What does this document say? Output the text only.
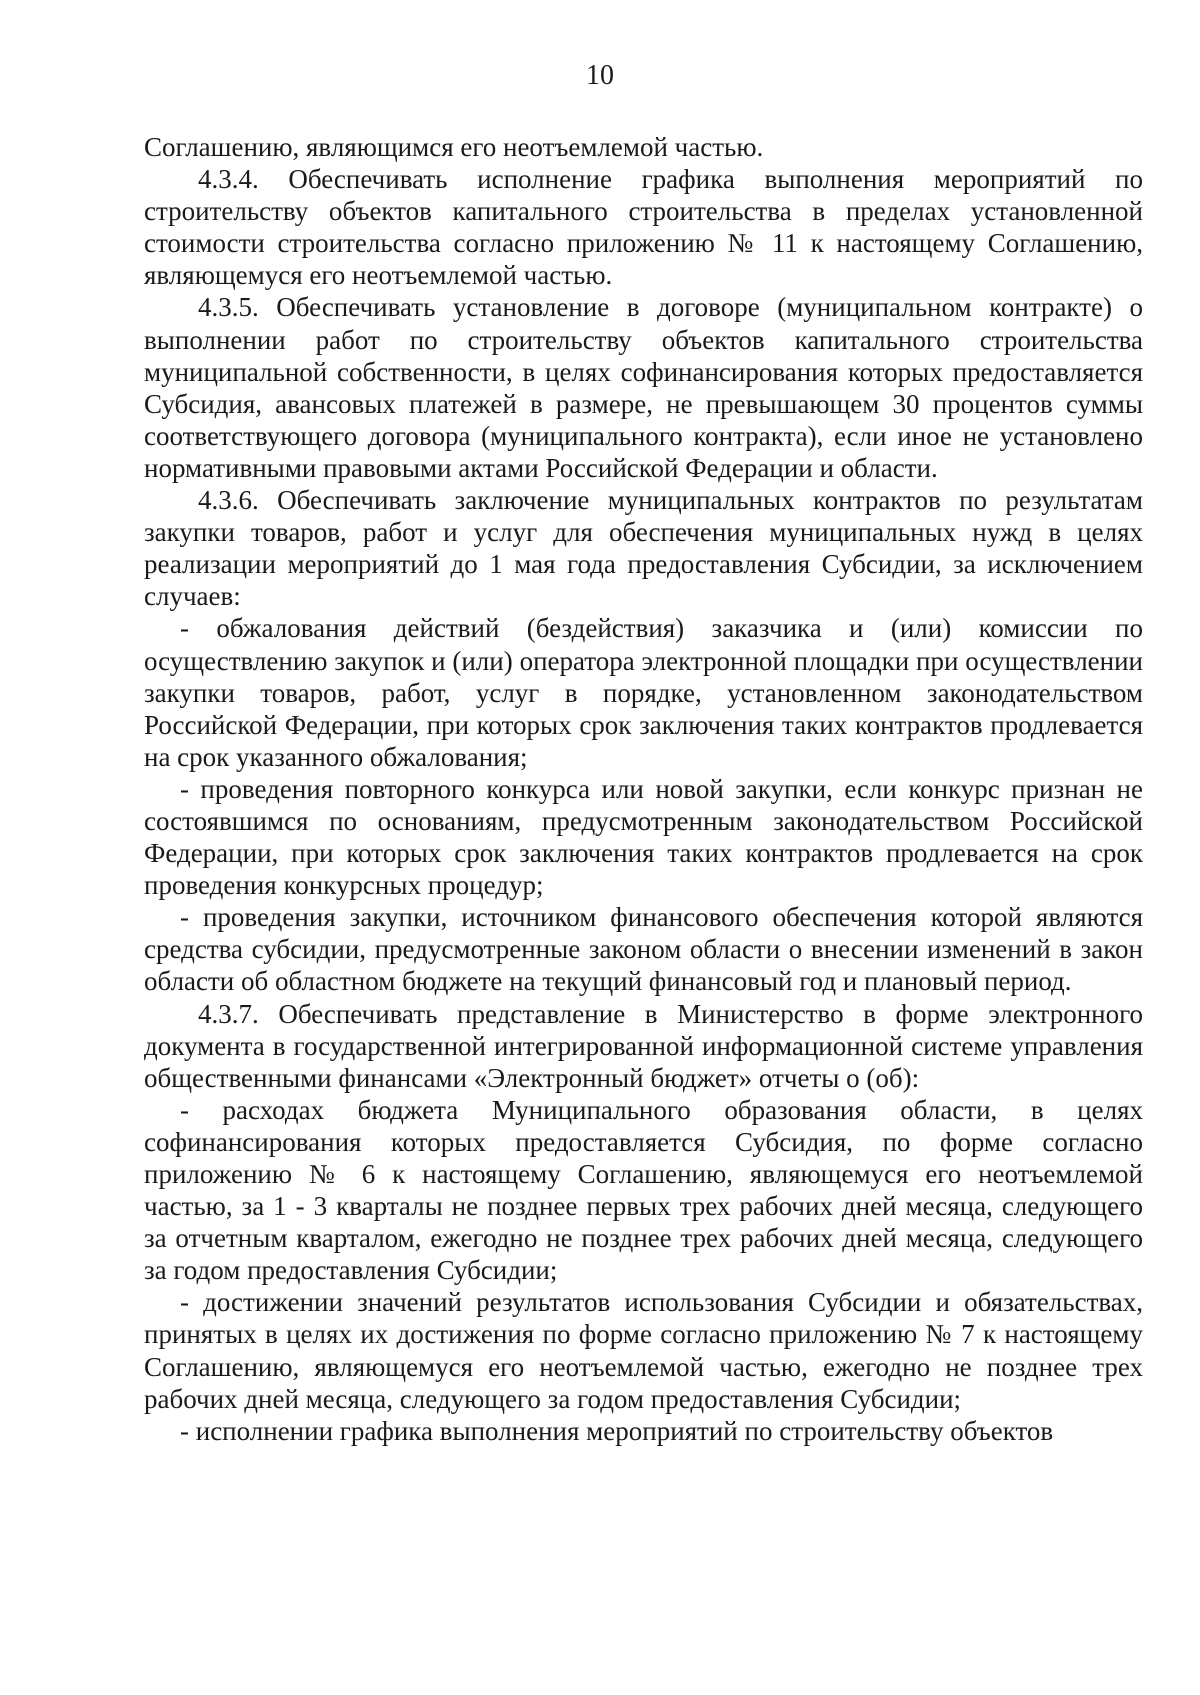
10

Соглашению, являющимся его неотъемлемой частью.

4.3.4. Обеспечивать исполнение графика выполнения мероприятий по строительству объектов капитального строительства в пределах установленной стоимости строительства согласно приложению № 11 к настоящему Соглашению, являющемуся его неотъемлемой частью.

4.3.5. Обеспечивать установление в договоре (муниципальном контракте) о выполнении работ по строительству объектов капитального строительства муниципальной собственности, в целях софинансирования которых предоставляется Субсидия, авансовых платежей в размере, не превышающем 30 процентов суммы соответствующего договора (муниципального контракта), если иное не установлено нормативными правовыми актами Российской Федерации и области.

4.3.6. Обеспечивать заключение муниципальных контрактов по результатам закупки товаров, работ и услуг для обеспечения муниципальных нужд в целях реализации мероприятий до 1 мая года предоставления Субсидии, за исключением случаев:

- обжалования действий (бездействия) заказчика и (или) комиссии по осуществлению закупок и (или) оператора электронной площадки при осуществлении закупки товаров, работ, услуг в порядке, установленном законодательством Российской Федерации, при которых срок заключения таких контрактов продлевается на срок указанного обжалования;

- проведения повторного конкурса или новой закупки, если конкурс признан не состоявшимся по основаниям, предусмотренным законодательством Российской Федерации, при которых срок заключения таких контрактов продлевается на срок проведения конкурсных процедур;

- проведения закупки, источником финансового обеспечения которой являются средства субсидии, предусмотренные законом области о внесении изменений в закон области об областном бюджете на текущий финансовый год и плановый период.

4.3.7. Обеспечивать представление в Министерство в форме электронного документа в государственной интегрированной информационной системе управления общественными финансами «Электронный бюджет» отчеты о (об):

- расходах бюджета Муниципального образования области, в целях софинансирования которых предоставляется Субсидия, по форме согласно приложению № 6 к настоящему Соглашению, являющемуся его неотъемлемой частью, за 1 - 3 кварталы не позднее первых трех рабочих дней месяца, следующего за отчетным кварталом, ежегодно не позднее трех рабочих дней месяца, следующего за годом предоставления Субсидии;

- достижении значений результатов использования Субсидии и обязательствах, принятых в целях их достижения по форме согласно приложению № 7 к настоящему Соглашению, являющемуся его неотъемлемой частью, ежегодно не позднее трех рабочих дней месяца, следующего за годом предоставления Субсидии;

- исполнении графика выполнения мероприятий по строительству объектов
